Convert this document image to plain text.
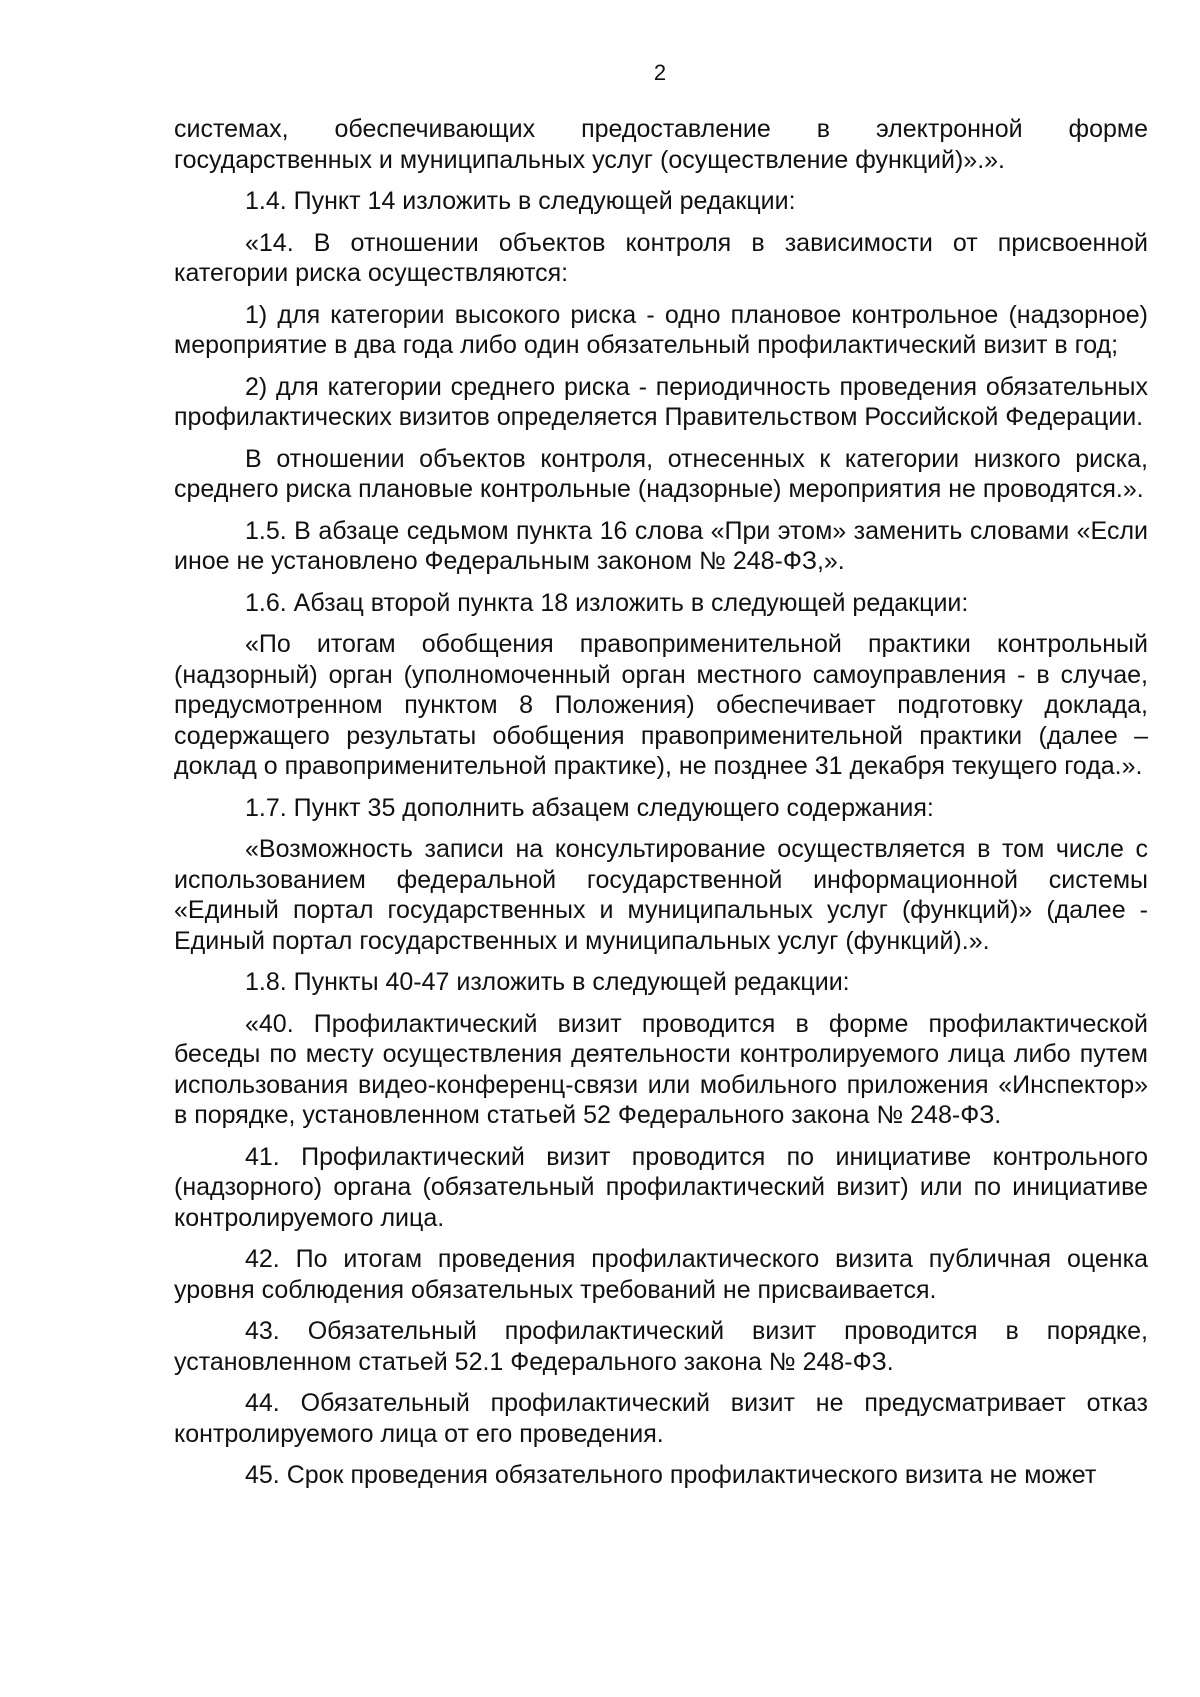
2

системах, обеспечивающих предоставление в электронной форме государственных и муниципальных услуг (осуществление функций)».».

1.4. Пункт 14 изложить в следующей редакции:

«14. В отношении объектов контроля в зависимости от присвоенной категории риска осуществляются:

1) для категории высокого риска - одно плановое контрольное (надзорное) мероприятие в два года либо один обязательный профилактический визит в год;

2) для категории среднего риска - периодичность проведения обязательных профилактических визитов определяется Правительством Российской Федерации.

В отношении объектов контроля, отнесенных к категории низкого риска, среднего риска плановые контрольные (надзорные) мероприятия не проводятся.».

1.5. В абзаце седьмом пункта 16 слова «При этом» заменить словами «Если иное не установлено Федеральным законом № 248-ФЗ,».

1.6. Абзац второй пункта 18 изложить в следующей редакции:

«По итогам обобщения правоприменительной практики контрольный (надзорный) орган (уполномоченный орган местного самоуправления - в случае, предусмотренном пунктом 8 Положения) обеспечивает подготовку доклада, содержащего результаты обобщения правоприменительной практики (далее – доклад о правоприменительной практике), не позднее 31 декабря текущего года.».

1.7. Пункт 35 дополнить абзацем следующего содержания:

«Возможность записи на консультирование осуществляется в том числе с использованием федеральной государственной информационной системы «Единый портал государственных и муниципальных услуг (функций)» (далее - Единый портал государственных и муниципальных услуг (функций).».

1.8. Пункты 40-47 изложить в следующей редакции:

«40. Профилактический визит проводится в форме профилактической беседы по месту осуществления деятельности контролируемого лица либо путем использования видео-конференц-связи или мобильного приложения «Инспектор» в порядке, установленном статьей 52 Федерального закона № 248-ФЗ.

41. Профилактический визит проводится по инициативе контрольного (надзорного) органа (обязательный профилактический визит) или по инициативе контролируемого лица.

42. По итогам проведения профилактического визита публичная оценка уровня соблюдения обязательных требований не присваивается.

43. Обязательный профилактический визит проводится в порядке, установленном статьей 52.1 Федерального закона № 248-ФЗ.

44. Обязательный профилактический визит не предусматривает отказ контролируемого лица от его проведения.

45. Срок проведения обязательного профилактического визита не может
